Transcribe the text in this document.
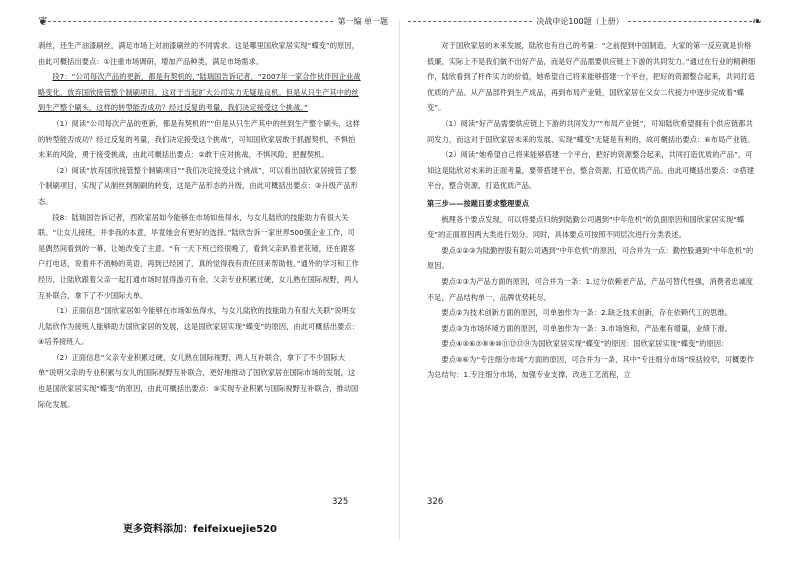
❦	第一编 单一题

剥丝，还生产油漆刷丝，满足市场上对油漆刷丝的不同需求。这是哪里国欣家居实现“蝶变”的原因，由此可概括出要点：①注重市场调研，增加产品种类，满足市场需求。

段7：“公司每次产品的更新，都是有契机的，”陆瑞国告诉记者，“2007年一家合作伙伴因企业战略变化，放弃国欣接管整个制刷项目，这对于当起扩大公司实力无疑是良机。但是从只生产其中的丝到生产整个刷头，这样的转型能否成功？经过反复的考量，我们决定接受这个挑战。”

（1）阅读“公司每次产品的更新，都是有契机的”“但是从只生产其中的丝到生产整个刷头，这样的转型能否成功？经过反复的考量，我们决定接受这个挑战”，可知国欣家居敢于抓握契机，不惧怕未来的风险，勇于接受挑战，由此可概括出要点：②敢于应对挑战，不惧风险，把握契机。

（2）阅读“放弃国欣接管整个制刷项目”“我们决定接受这个挑战”，可以看出国欣家居接管了整个制刷项目，实现了从制丝到制刷的转变，这是产品形态的升级，由此可概括出要点：③升级产品形态。

段8：陆瑞国告诉记者，西欧家居如今能够在市场如鱼得水，与女儿陆欣的技能助力有很大关联。“让女儿接班，并非我的本意，毕竟她会有更好的选择。”陆欣告诉一家世界500强企业工作，可是偶然间看到的一幕，让她改变了主意。“有一天下班已经很晚了，看到父亲趴着老花镜，还在跟客户打电话，说着并不流畅的英语，再到已经困了，真的觉得我有责任回来帮助他。”通外的学习和工作经历，让陆欣跟着父亲一起打通市场时显得游刃有余。父亲专业积累过硬，女儿熟在国际视野，两人互补联合，拿下了不少国际大单。

（1）正面信息“国欣家居如今能够在市场如鱼得水，与女儿陆欣的技能助力有很大关联”说明女儿陆欣作为接班人能够助力国欣家居的发展，这是国欣家居实现“蝶变”的原因，由此可概括出要点：④培养接班人。

（2）正面信息“父亲专业积累过硬，女儿熟在国际视野，两人互补联合，拿下了不少国际大单”说明父亲的专业积累与女儿的国际视野互补联合，更好地推动了国欣家居在国际市场的发展，这也是国欣家居实现“蝶变”的原因，由此可概括出要点：⑤实现专业积累与国际视野互补联合，推动国际化发展。

325
更多资料添加：feifeixuejie520
决战申论100题（上册）	❧

对于国欣家居的未来发展，陆欣也有自己的考量：“之前提到中国制造，大家的第一反应就是价格低廉，实际上不是我们做不出好产品，而是好产品需要供应链上下游的共同发力。”通过在行业的精耕细作，陆欣看到了杆件实力的价值，她希望自己将来能够搭建一个平台，把好的资源整合起来，共同打造优质的产品。从产品部件到生产成品，再到布局产业链，国欣家居在父女二代接力中逐步完成着“蝶变”。

（1）阅读“好产品需要供应链上下游的共同发力”“布局产业链”，可知陆欣希望拥有个供应链都共同发力，而这对于国欣家居未来的发展、实现“蝶变”无疑是有利的，故可概括出要点：⑥布局产业链。

（2）阅读“她希望自己将来能够搭建一个平台，把好的资源整合起来，共同打造优质的产品”，可知这是陆欣对未来的正面考量，要带搭建平台，整合资源，打造优质产品。由此可概括出要点：⑦搭建平台，整合资源，打造优质产品。

第三步——按题目要求整理要点

梳理各个要点发现，可以将要点归纳到陆勤公司遇到“中年危机”的负面原因和国欣家居实现“蝶变”的正面原因两大类进行划分。同时，具体要点可按照不同层次进行分类表述。

要点①②③为陆勤控股有限公司遇到“中年危机”的原因，可合并为一点：勤控股遇到“中年危机”的原因。

要点①③为产品方面的原因，可合并为一条：1.过分依赖老产品，产品可替代性强，消费者忠诚度不足，产品结构单一，品牌优势耗尽。

要点②为技术创新方面的原因，可单独作为一条：2.缺乏技术创新，存在依赖代工的思维。

要点③为市场环境方面的原因，可单独作为一条：3.市场饱和，产品难有增量，业绩下滑。

要点④⑤⑥⑦⑧⑨⑩⑪⑫⑬⑭为国欣家居实现“蝶变”的原因：国欣家居实现“蝶变”的原因：

要点⑤⑥为“专注细分市场”方面的原因，可合并为一条，其中“专注细分市场”统括较窄，可概要作为总结句：1.专注细分市场，加强专业支撑，改进工艺流程，立

326
